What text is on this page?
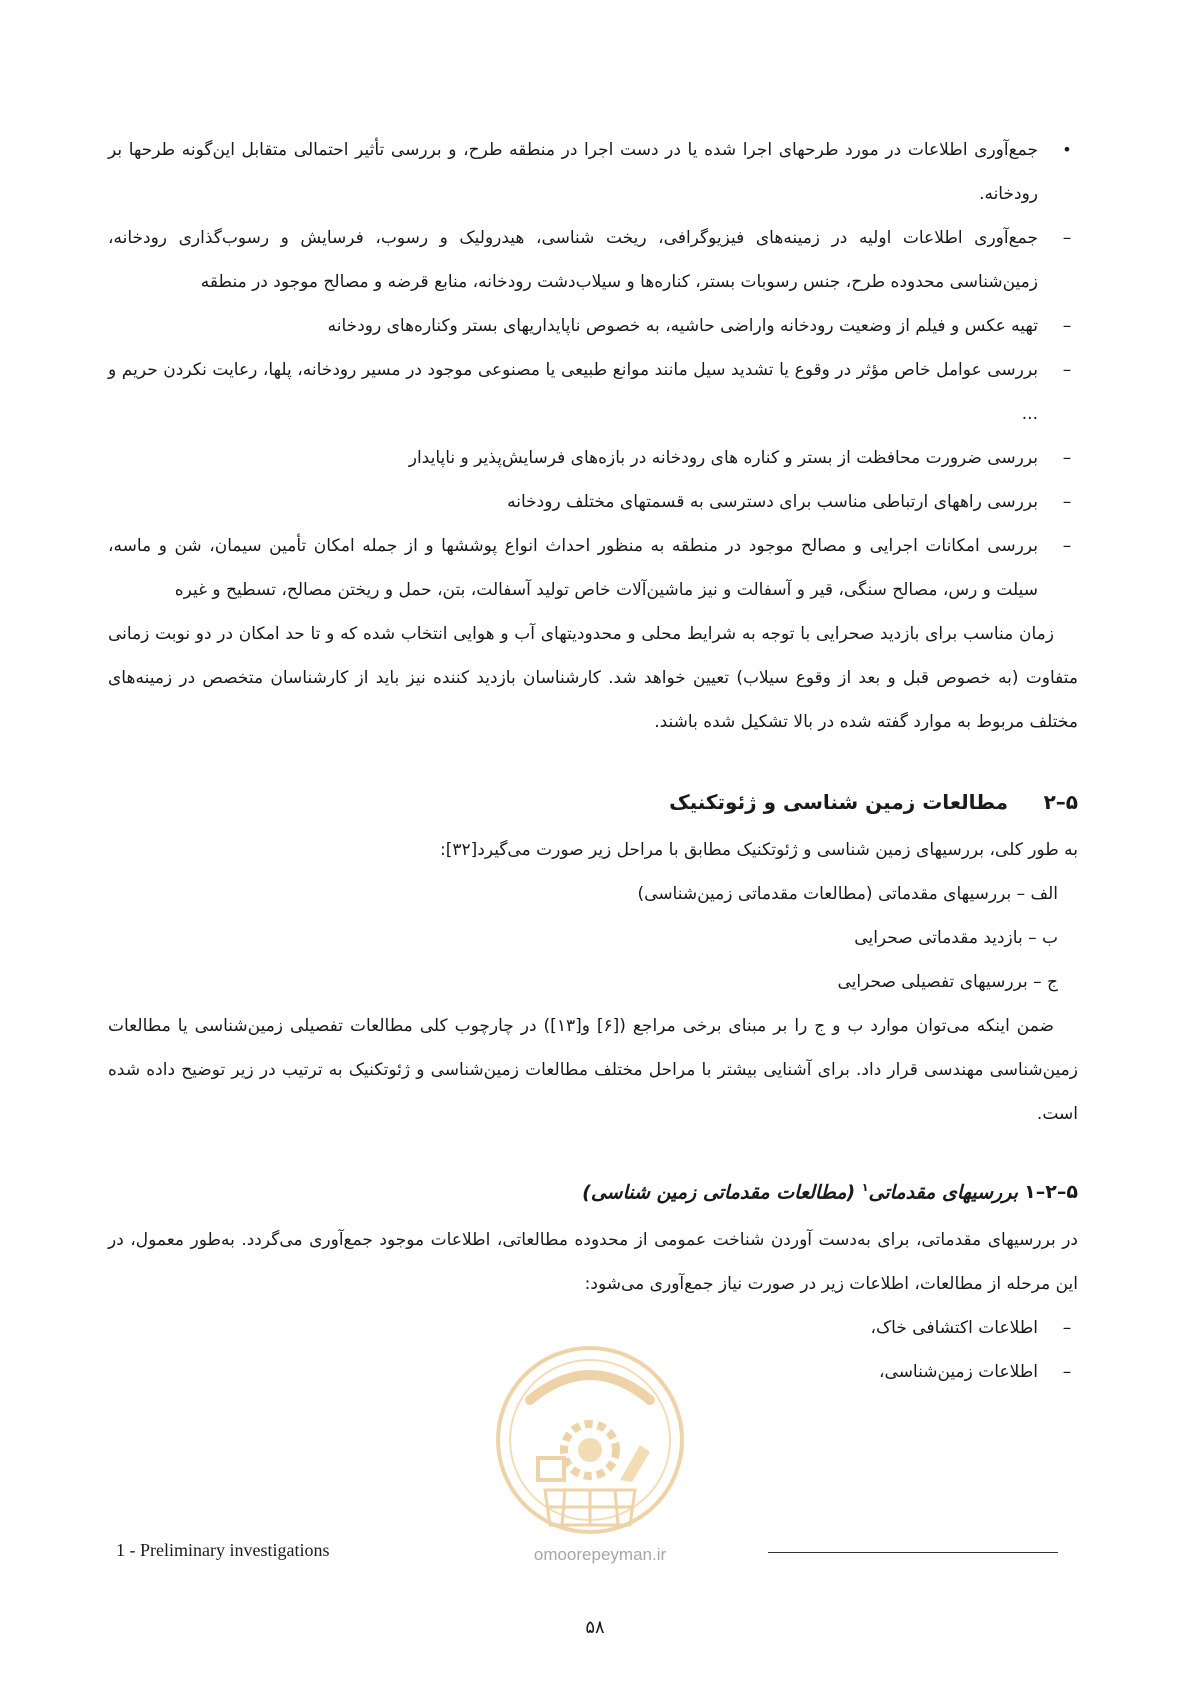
•
جمع‌آوری اطلاعات در مورد طرحهای اجرا شده یا در دست اجرا در منطقه طرح، و بررسی تأثیر احتمالی متقابل این‌گونه طرحها بر رودخانه.
–
جمع‌آوری اطلاعات اولیه در زمینه‌های فیزیوگرافی، ریخت شناسی، هیدرولیک و رسوب، فرسایش و رسوب‌گذاری رودخانه، زمین‌شناسی محدوده طرح، جنس رسوبات بستر، کناره‌ها و سیلاب‌دشت رودخانه، منابع قرضه و مصالح موجود در منطقه
–
تهیه عکس و فیلم از وضعیت رودخانه واراضی حاشیه، به خصوص ناپایداریهای بستر وکناره‌های رودخانه
–
بررسی عوامل خاص مؤثر در وقوع یا تشدید سیل مانند موانع طبیعی یا مصنوعی موجود در مسیر رودخانه، پلها، رعایت نکردن حریم و ...
–
بررسی ضرورت محافظت از بستر و کناره های رودخانه در بازه‌های فرسایش‌پذیر و ناپایدار
–
بررسی راههای ارتباطی مناسب برای دسترسی به قسمتهای مختلف رودخانه
–
بررسی امکانات اجرایی و مصالح موجود در منطقه به منظور احداث انواع پوششها و از جمله امکان تأمین سیمان، شن و ماسه، سیلت و رس، مصالح سنگی، قیر و آسفالت و نیز ماشین‌آلات خاص تولید آسفالت، بتن، حمل و ریختن مصالح، تسطیح و غیره

زمان مناسب برای بازدید صحرایی با توجه به شرایط محلی و محدودیتهای آب و هوایی انتخاب شده که و تا حد امکان در دو نوبت زمانی متفاوت (به خصوص قبل و بعد از وقوع سیلاب) تعیین خواهد شد. کارشناسان بازدید کننده نیز باید از کارشناسان متخصص در زمینه‌های مختلف مربوط به موارد گفته شده در بالا تشکیل شده باشند.

۵–۲مطالعات زمین شناسی و ژئوتکنیک

به طور کلی، بررسیهای زمین شناسی و ژئوتکنیک مطابق با مراحل زیر صورت می‌گیرد[۳۲]:

الف – بررسیهای مقدماتی (مطالعات مقدماتی زمین‌شناسی)
ب – بازدید مقدماتی صحرایی
ج – بررسیهای تفصیلی صحرایی

ضمن اینکه می‌توان موارد ب و ج را بر مبنای برخی مراجع ([۶] و[۱۳]) در چارچوب کلی مطالعات تفصیلی زمین‌شناسی یا مطالعات زمین‌شناسی مهندسی قرار داد. برای آشنایی بیشتر با مراحل مختلف مطالعات زمین‌شناسی و ژئوتکنیک به ترتیب در زیر توضیح داده شده است.

۵–۲–۱بررسیهای مقدماتی$^۱$ (مطالعات مقدماتی زمین شناسی)

در بررسیهای مقدماتی، برای به‌دست آوردن شناخت عمومی از محدوده مطالعاتی، اطلاعات موجود جمع‌آوری می‌گردد. به‌طور معمول، در این مرحله از مطالعات، اطلاعات زیر در صورت نیاز جمع‌آوری می‌شود:

–
اطلاعات اکتشافی خاک،
–
اطلاعات زمین‌شناسی،
omoorepeyman.ir
1 - Preliminary investigations
۵۸
